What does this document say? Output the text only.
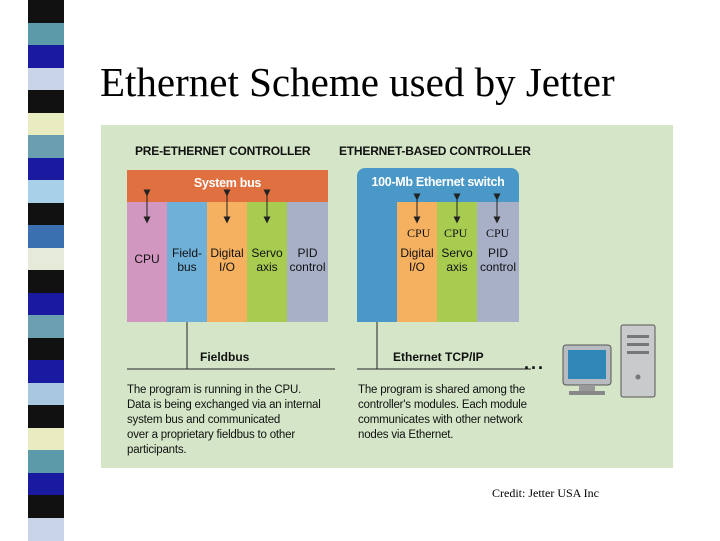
Ethernet Scheme used by Jetter
PRE-ETHERNET CONTROLLER ETHERNET-BASED CONTROLLER
System bus
CPU	Field-
bus
Digital
I/O
Servo
axis
PID
control
100-Mb Ethernet switch
Digital
I/O
Servo
axis
PID
control
CPU CPU CPU
Fieldbus	Ethernet TCP/IP ...
The program is running in the CPU.
Data is being exchanged via an internal
system bus and communicated
over a proprietary fieldbus to other
participants.
The program is shared among the
controller's modules. Each module
communicates with other network
nodes via Ethernet.
Credit: Jetter USA Inc
